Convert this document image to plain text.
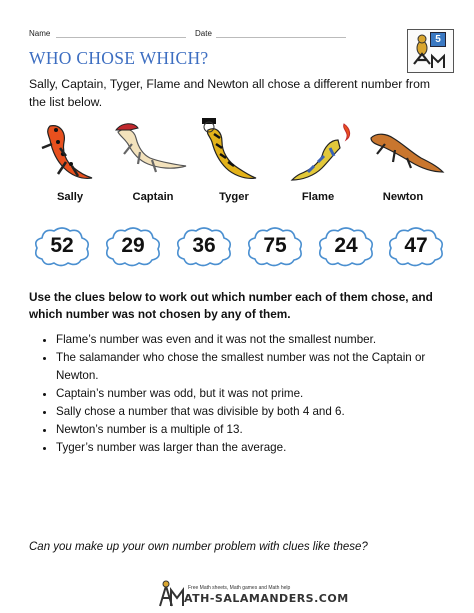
Name	Date
5
WHO CHOSE WHICH?
Sally, Captain, Tyger, Flame and Newton all chose a different number from the list below.
Sally	Captain	Tyger	Flame	Newton
52	29	36	75	24	47
Use the clues below to work out which number each of them chose, and which number was not chosen by any of them.
• Flame’s number was even and it was not the smallest number.
• The salamander who chose the smallest number was not the Captain or Newton.
• Captain’s number was odd, but it was not prime.
• Sally chose a number that was divisible by both 4 and 6.
• Newton’s number is a multiple of 13.
• Tyger’s number was larger than the average.
Can you make up your own number problem with clues like these?
Free Math sheets, Math games and Math help
ATH-SALAMANDERS.COM
